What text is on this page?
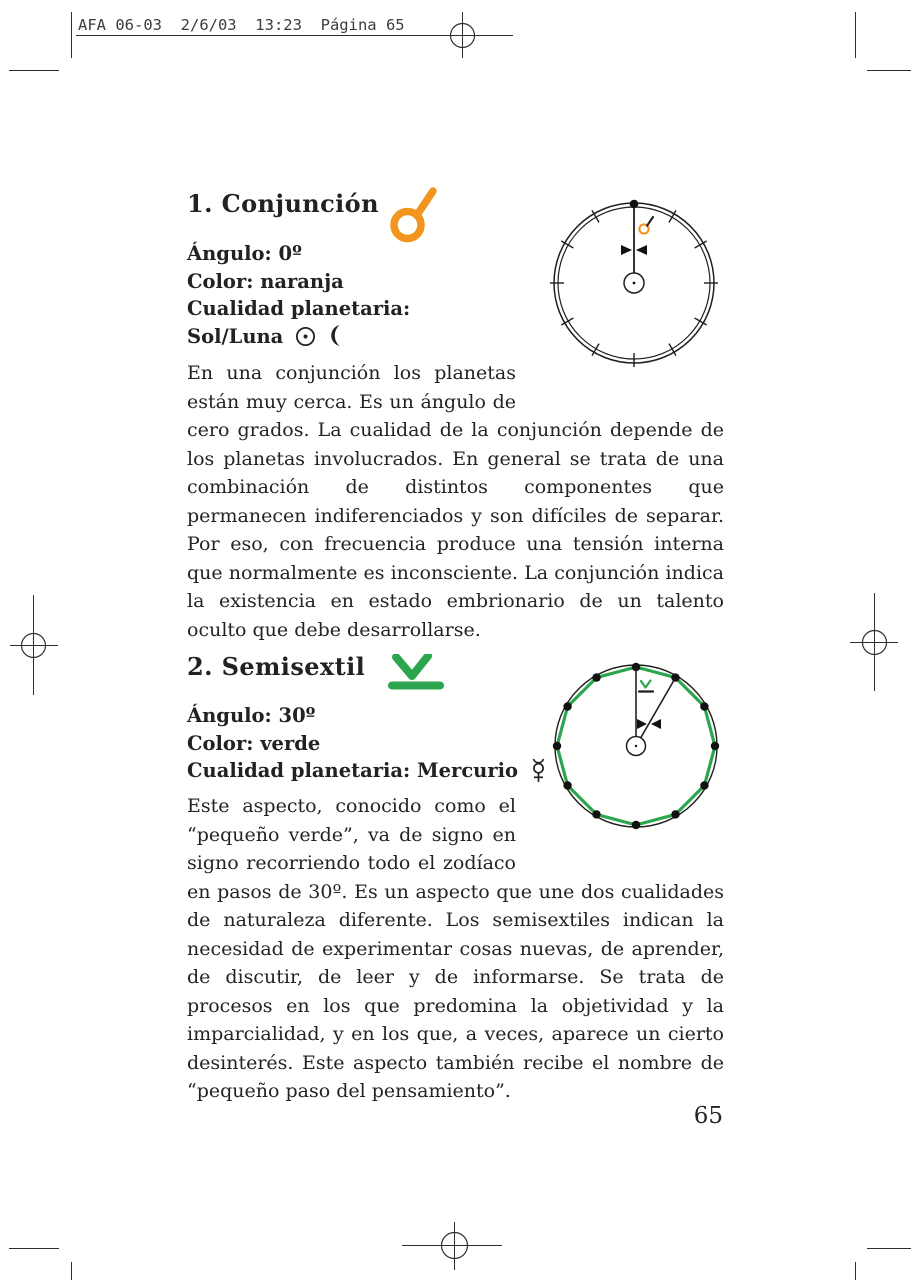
AFA 06-03  2/6/03  13:23  Página 65
1. Conjunción
Ángulo: 0º
Color: naranja
Cualidad planetaria:
Sol/Luna
En una conjunción los planetas están muy cerca. Es un ángulo de cero grados. La cualidad de la conjunción depende de los planetas involucrados. En general se trata de una combinación de distintos componentes que permanecen indiferenciados y son difíciles de separar. Por eso, con frecuencia produce una tensión interna que normalmente es inconsciente. La conjunción indica la existencia en estado embrionario de un talento oculto que debe desarrollarse.
2. Semisextil
Ángulo: 30º
Color: verde
Cualidad planetaria: Mercurio
Este aspecto, conocido como el “pequeño verde”, va de signo en signo recorriendo todo el zodíaco en pasos de 30º. Es un aspecto que une dos cualidades de naturaleza diferente. Los semisextiles indican la necesidad de experimentar cosas nuevas, de aprender, de discutir, de leer y de informarse. Se trata de procesos en los que predomina la objetividad y la imparcialidad, y en los que, a veces, aparece un cierto desinterés. Este aspecto también recibe el nombre de “pequeño paso del pensamiento”.
65
